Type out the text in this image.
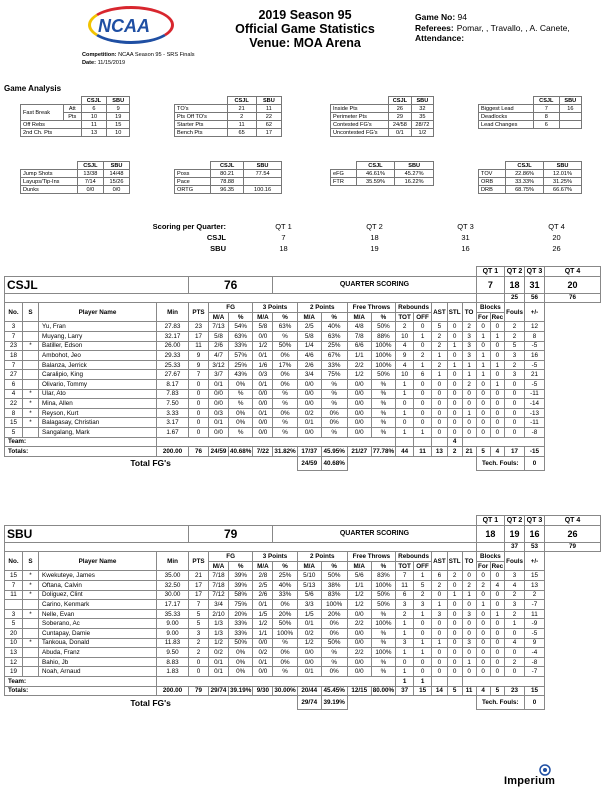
NCAA
2019 Season 95
Official Game Statistics
Venue: MOA Arena
Game No: 94
Referees: Pomar, , Travallo, , A. Canete,
Attendance:
Competition: NCAA Season 95 - SRS Finals
Date: 11/15/2019
Game Analysis
		CSJL	SBU
Fast Break	Att	6	9
	Pts	10	19
Off Rebs		11	15
2nd Ch. Pts		13	10
	CSJL	SBU
TO's	21	11
Pts Off TO's	2	22
Starter Pts	11	62
Bench Pts	65	17
	CSJL	SBU
Inside Pts	26	32
Perimeter Pts	29	35
Contested FG's	24/58	28/72
Uncontested FG's	0/1	1/2
	CSJL	SBU
Biggest Lead	7	16
Deadlocks	8	
Lead Changes	6	
	CSJL	SBU
Jump Shots	13/38	14/48
Layups/Tip-Ins	7/14	15/26
Dunks	0/0	0/0
	CSJL	SBU
Poss	80.21	77.54
Pace	78.88	
ORTG	96.35	100.16
	CSJL	SBU
eFG	46.61%	45.27%
FTR	35.59%	16.22%
	CSJL	SBU
TOV	22.86%	12.01%
ORB	33.33%	31.25%
DRB	68.75%	66.67%
Scoring per Quarter:	QT 1	QT 2	QT 3	QT 4
CSJL	7	18	31	20
SBU	18	19	16	26
																		QT 1		QT 2	QT 3	QT 4
CSJL				76				QUARTER SCORING										7		18	31	20
																				25	56	76
No.	S	Player Name	Min	PTS	FG		3 Points		2 Points		Free Throws		Rebounds		AST	STL	TO	Blocks		Fouls	+/-	
					M/A	%	M/A	%	M/A	%	M/A	%	TOT	OFF				For	Rec			
3		Yu, Fran	27.83	23	7/13	54%	5/8	63%	2/5	40%	4/8	50%	2	0	5	0	2	0	0	2	12	
7		Muyang, Larry	32.17	17	5/8	63%	0/0	%	5/8	63%	7/8	88%	10	1	2	0	3	1	1	2	8	
23	*	Batiller, Edson	26.00	11	2/6	33%	1/2	50%	1/4	25%	6/6	100%	4	0	2	1	3	0	0	5	-5	
18		Ambohot, Jeo	29.33	9	4/7	57%	0/1	0%	4/6	67%	1/1	100%	9	2	1	0	3	1	0	3	16	
7		Balanza, Jerrick	25.33	9	3/12	25%	1/6	17%	2/6	33%	2/2	100%	4	1	2	1	1	1	1	2	-5	
27		Caralipio, King	27.67	7	3/7	43%	0/3	0%	3/4	75%	1/2	50%	10	6	1	0	1	1	0	3	21	
6		Olivario, Tommy	8.17	0	0/1	0%	0/1	0%	0/0	%	0/0	%	1	0	0	0	2	0	1	0	-5	
4	*	Ular, Ato	7.83	0	0/0	%	0/0	%	0/0	%	0/0	%	1	0	0	0	0	0	0	0	-11	
22	*	Mina, Allen	7.50	0	0/0	%	0/0	%	0/0	%	0/0	%	0	0	0	0	0	0	0	0	-14	
8	*	Reyson, Kurt	3.33	0	0/3	0%	0/1	0%	0/2	0%	0/0	%	1	0	0	0	1	0	0	0	-13	
15	*	Balagasay, Christian	3.17	0	0/1	0%	0/0	%	0/1	0%	0/0	%	0	0	0	0	0	0	0	0	-11	
5		Sangalang, Mark	1.67	0	0/0	%	0/0	%	0/0	%	0/0	%	1	1	0	0	0	0	0	0	-8	
Team:																4						
Totals:			200.00	76	24/59	40.68%	7/22	31.82%	17/37	45.95%	21/27	77.78%	44	11	13	2	21	5	4	17	-15	
Total FG's									24/59	40.68%								Tech. Fouls:			0	
																		QT 1		QT 2	QT 3	QT 4
SBU				79				QUARTER SCORING										18		19	16	26
																				37	53	79
No.	S	Player Name	Min	PTS	FG		3 Points		2 Points		Free Throws		Rebounds		AST	STL	TO	Blocks		Fouls	+/-	
					M/A	%	M/A	%	M/A	%	M/A	%	TOT	OFF				For	Rec			
15	*	Kwekuteye, James	35.00	21	7/18	39%	2/8	25%	5/10	50%	5/6	83%	7	1	6	2	0	0	0	3	15	
7	*	Oftana, Calvin	32.50	17	7/18	39%	2/5	40%	5/13	38%	1/1	100%	11	5	2	0	2	2	4	4	13	
11	*	Doliguez, Clint	30.00	17	7/12	58%	2/6	33%	5/6	83%	1/2	50%	6	2	0	1	1	0	0	2	2	
		Carino, Kenmark	17.17	7	3/4	75%	0/1	0%	3/3	100%	1/2	50%	3	3	1	0	0	1	0	3	-7	
3	*	Nelle, Evan	35.33	5	2/10	20%	1/5	20%	1/5	20%	0/0	%	2	1	3	0	3	0	1	2	11	
5		Soberano, Ac	9.00	5	1/3	33%	1/2	50%	0/1	0%	2/2	100%	1	0	0	0	0	0	0	1	-9	
20		Cuntapay, Damie	9.00	3	1/3	33%	1/1	100%	0/2	0%	0/0	%	1	0	0	0	0	0	0	0	-5	
10	*	Tankoua, Donald	11.83	2	1/2	50%	0/0	%	1/2	50%	0/0	%	3	1	1	0	3	0	0	4	9	
13		Abuda, Franz	9.50	2	0/2	0%	0/2	0%	0/0	%	2/2	100%	1	1	0	0	0	0	0	0	-4	
12		Bahio, Jb	8.83	0	0/1	0%	0/1	0%	0/0	%	0/0	%	0	0	0	0	1	0	0	2	-8	
19		Noah, Arnaud	1.83	0	0/1	0%	0/0	%	0/1	0%	0/0	%	1	0	0	0	0	0	0	0	-7	
Team:													1	1								
Totals:			200.00	79	29/74	39.19%	9/30	30.00%	20/44	45.45%	12/15	80.00%	37	15	14	5	11	4	5	23	15	
Total FG's									29/74	39.19%								Tech. Fouls:			0	
Imperium
